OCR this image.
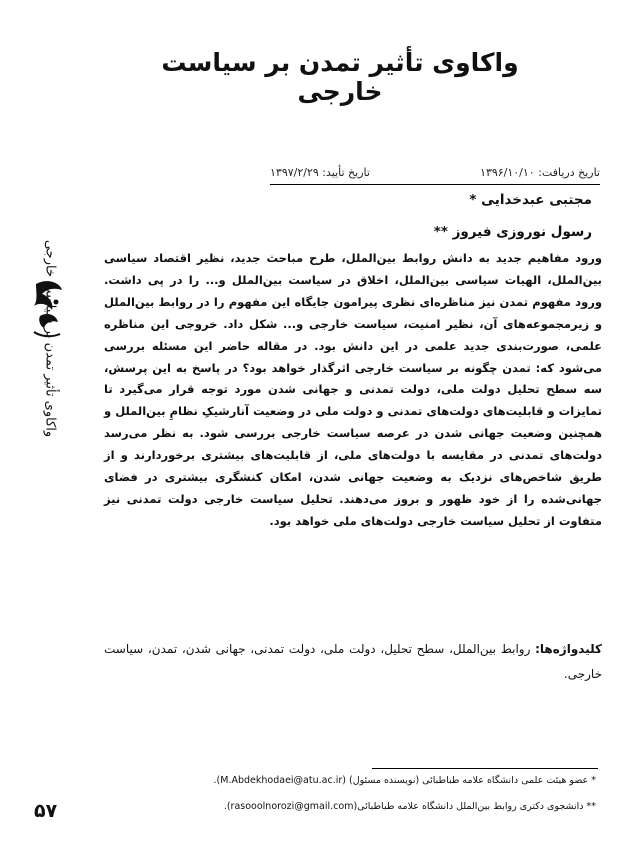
واکاوی تأثیر تمدن بر سیاست خارجی
تاریخ دریافت: ۱۳۹۶/۱۰/۱۰
تاریخ تأیید: ۱۳۹۷/۲/۲۹
مجتبی عبدخدایی *
رسول نوروزی فیروز **

ورود مفاهیم جدید به دانش روابط بین‌الملل، طرح مباحث جدید، نظیر اقتصاد سیاسی بین‌الملل، الهیات سیاسی بین‌الملل، اخلاق در سیاست بین‌الملل و... را در پی داشت. ورود مفهوم تمدن نیز مناظره‌ای نظری پیرامون جایگاه این مفهوم را در روابط بین‌الملل و زیرمجموعه‌های آن، نظیر امنیت، سیاست خارجی و... شکل داد. خروجی این مناظره علمی، صورت‌بندی جدید علمی در این دانش بود. در مقاله حاضر این مسئله بررسی می‌شود که: تمدن چگونه بر سیاست خارجی اثرگذار خواهد بود؟ در پاسخ به این پرسش، سه سطح تحلیل دولت ملی، دولت تمدنی و جهانی شدن مورد توجه قرار می‌گیرد تا تمایزات و قابلیت‌های دولت‌های تمدنی و دولت ملی در وضعیت آنارشیکِ نظامِ بین‌الملل و همچنین وضعیت جهانی شدن در عرصه سیاست خارجی بررسی شود. به نظر می‌رسد دولت‌های تمدنی در مقایسه با دولت‌های ملی، از قابلیت‌های بیشتری برخوردارند و از طریق شاخص‌های نزدیک به وضعیت جهانی شدن، امکان کنشگری بیشتری در فضای جهانی‌شده را از خود ظهور و بروز می‌دهند. تحلیل سیاست خارجی دولت تمدنی نیز متفاوت از تحلیل سیاست خارجی دولت‌های ملی خواهد بود.

کلیدواژه‌ها: روابط بین‌الملل، سطح تحلیل، دولت ملی، دولت تمدنی، جهانی شدن، تمدن، سیاست خارجی.

* عضو هیئت علمی دانشگاه علامه طباطبائی (نویسنده مسئول) (M.Abdekhodaei@atu.ac.ir).
** دانشجوی دکتری روابط بین‌الملل دانشگاه علامه طباطبائی(rasooolnorozi@gmail.com).
۵۷
واکاوی تأثیر تمدن بر سیاست خارجی
